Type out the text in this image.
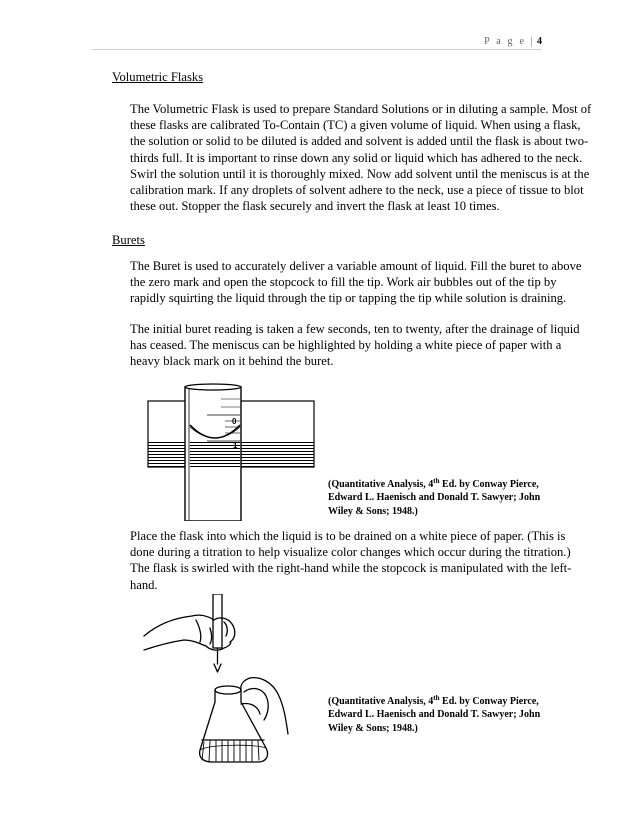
P a g e | 4
Volumetric Flasks
The Volumetric Flask is used to prepare Standard Solutions or in diluting a sample. Most of these flasks are calibrated To-Contain (TC) a given volume of liquid. When using a flask, the solution or solid to be diluted is added and solvent is added until the flask is about two-thirds full. It is important to rinse down any solid or liquid which has adhered to the neck. Swirl the solution until it is thoroughly mixed. Now add solvent until the meniscus is at the calibration mark. If any droplets of solvent adhere to the neck, use a piece of tissue to blot these out. Stopper the flask securely and invert the flask at least 10 times.
Burets
The Buret is used to accurately deliver a variable amount of liquid. Fill the buret to above the zero mark and open the stopcock to fill the tip. Work air bubbles out of the tip by rapidly squirting the liquid through the tip or tapping the tip while solution is draining.
The initial buret reading is taken a few seconds, ten to twenty, after the drainage of liquid has ceased. The meniscus can be highlighted by holding a white piece of paper with a heavy black mark on it behind the buret.
0
1
(Quantitative Analysis, 4th Ed. by Conway Pierce, Edward L. Haenisch and Donald T. Sawyer; John Wiley & Sons; 1948.)
Place the flask into which the liquid is to be drained on a white piece of paper. (This is done during a titration to help visualize color changes which occur during the titration.) The flask is swirled with the right-hand while the stopcock is manipulated with the left-hand.
(Quantitative Analysis, 4th Ed. by Conway Pierce, Edward L. Haenisch and Donald T. Sawyer; John Wiley & Sons; 1948.)
